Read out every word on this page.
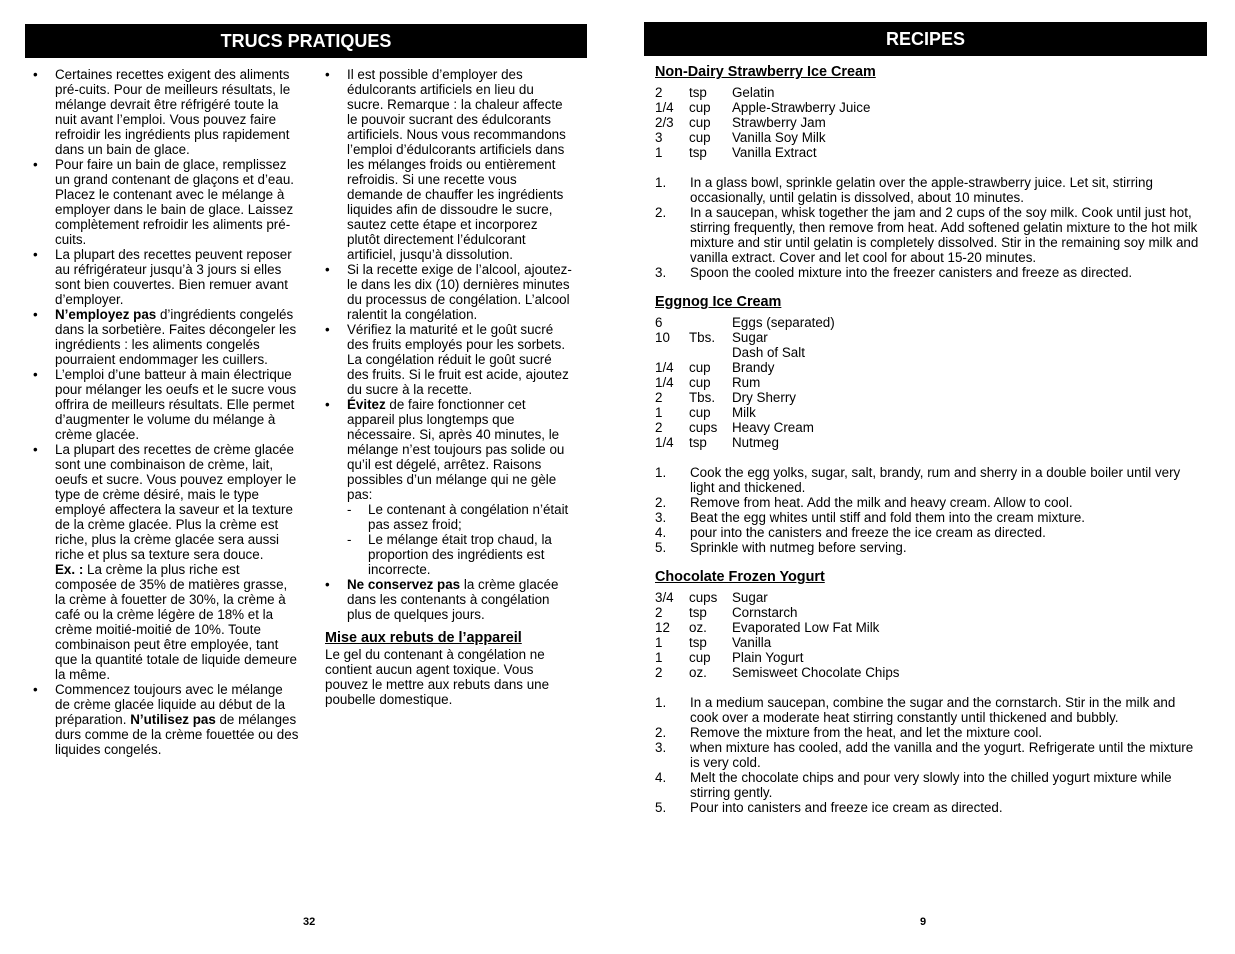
TRUCS PRATIQUES
• Certaines recettes exigent des aliments pré-cuits. Pour de meilleurs résultats, le mélange devrait être réfrigéré toute la nuit avant l’emploi. Vous pouvez faire refroidir les ingrédients plus rapidement dans un bain de glace.
• Pour faire un bain de glace, remplissez un grand contenant de glaçons et d’eau. Placez le contenant avec le mélange à employer dans le bain de glace. Laissez complètement refroidir les aliments pré-cuits.
• La plupart des recettes peuvent reposer au réfrigérateur jusqu’à 3 jours si elles sont bien couvertes. Bien remuer avant d’employer.
• N’employez pas d’ingrédients congelés dans la sorbetière. Faites décongeler les ingrédients : les aliments congelés pourraient endommager les cuillers.
• L’emploi d’une batteur à main électrique pour mélanger les oeufs et le sucre vous offrira de meilleurs résultats. Elle permet d’augmenter le volume du mélange à crème glacée.
• La plupart des recettes de crème glacée sont une combinaison de crème, lait, oeufs et sucre. Vous pouvez employer le type de crème désiré, mais le type employé affectera la saveur et la texture de la crème glacée. Plus la crème est riche, plus la crème glacée sera aussi riche et plus sa texture sera douce.
Ex. : La crème la plus riche est composée de 35% de matières grasse, la crème à fouetter de 30%, la crème à café ou la crème légère de 18% et la crème moitié-moitié de 10%. Toute combinaison peut être employée, tant que la quantité totale de liquide demeure la même.
• Commencez toujours avec le mélange de crème glacée liquide au début de la préparation. N’utilisez pas de mélanges durs comme de la crème fouettée ou des liquides congelés.
• Il est possible d’employer des édulcorants artificiels en lieu du sucre. Remarque : la chaleur affecte le pouvoir sucrant des édulcorants artificiels. Nous vous recommandons l’emploi d’édulcorants artificiels dans les mélanges froids ou entièrement refroidis. Si une recette vous demande de chauffer les ingrédients liquides afin de dissoudre le sucre, sautez cette étape et incorporez plutôt directement l’édulcorant artificiel, jusqu’à dissolution.
• Si la recette exige de l’alcool, ajoutez-le dans les dix (10) dernières minutes du processus de congélation. L’alcool ralentit la congélation.
• Vérifiez la maturité et le goût sucré des fruits employés pour les sorbets. La congélation réduit le goût sucré des fruits. Si le fruit est acide, ajoutez du sucre à la recette.
• Évitez de faire fonctionner cet appareil plus longtemps que nécessaire. Si, après 40 minutes, le mélange n’est toujours pas solide ou qu’il est dégelé, arrêtez. Raisons possibles d’un mélange qui ne gèle pas:
- Le contenant à congélation n’était pas assez froid;
- Le mélange était trop chaud, la proportion des ingrédients est incorrecte.
• Ne conservez pas la crème glacée dans les contenants à congélation plus de quelques jours.
Mise aux rebuts de l’appareil
Le gel du contenant à congélation ne contient aucun agent toxique. Vous pouvez le mettre aux rebuts dans une poubelle domestique.
32
RECIPES
Non-Dairy Strawberry Ice Cream
2	tsp	Gelatin
1/4	cup	Apple-Strawberry Juice
2/3	cup	Strawberry Jam
3	cup	Vanilla Soy Milk
1	tsp	Vanilla Extract
1.	In a glass bowl, sprinkle gelatin over the apple-strawberry juice. Let sit, stirring occasionally, until gelatin is dissolved, about 10 minutes.
2.	In a saucepan, whisk together the jam and 2 cups of the soy milk. Cook until just hot, stirring frequently, then remove from heat. Add softened gelatin mixture to the hot milk mixture and stir until gelatin is completely dissolved. Stir in the remaining soy milk and vanilla extract. Cover and let cool for about 15-20 minutes.
3.	Spoon the cooled mixture into the freezer canisters and freeze as directed.
Eggnog Ice Cream
6	Eggs (separated)
10	Tbs.	Sugar
Dash of Salt
1/4	cup	Brandy
1/4	cup	Rum
2	Tbs.	Dry Sherry
1	cup	Milk
2	cups	Heavy Cream
1/4	tsp	Nutmeg
1.	Cook the egg yolks, sugar, salt, brandy, rum and sherry in a double boiler until very light and thickened.
2.	Remove from heat. Add the milk and heavy cream. Allow to cool.
3.	Beat the egg whites until stiff and fold them into the cream mixture.
4.	pour into the canisters and freeze the ice cream as directed.
5.	Sprinkle with nutmeg before serving.
Chocolate Frozen Yogurt
3/4	cups	Sugar
2	tsp	Cornstarch
12	oz.	Evaporated Low Fat Milk
1	tsp	Vanilla
1	cup	Plain Yogurt
2	oz.	Semisweet Chocolate Chips
1.	In a medium saucepan, combine the sugar and the cornstarch. Stir in the milk and cook over a moderate heat stirring constantly until thickened and bubbly.
2.	Remove the mixture from the heat, and let the mixture cool.
3.	when mixture has cooled, add the vanilla and the yogurt. Refrigerate until the mixture is very cold.
4.	Melt the chocolate chips and pour very slowly into the chilled yogurt mixture while stirring gently.
5.	Pour into canisters and freeze ice cream as directed.
9
